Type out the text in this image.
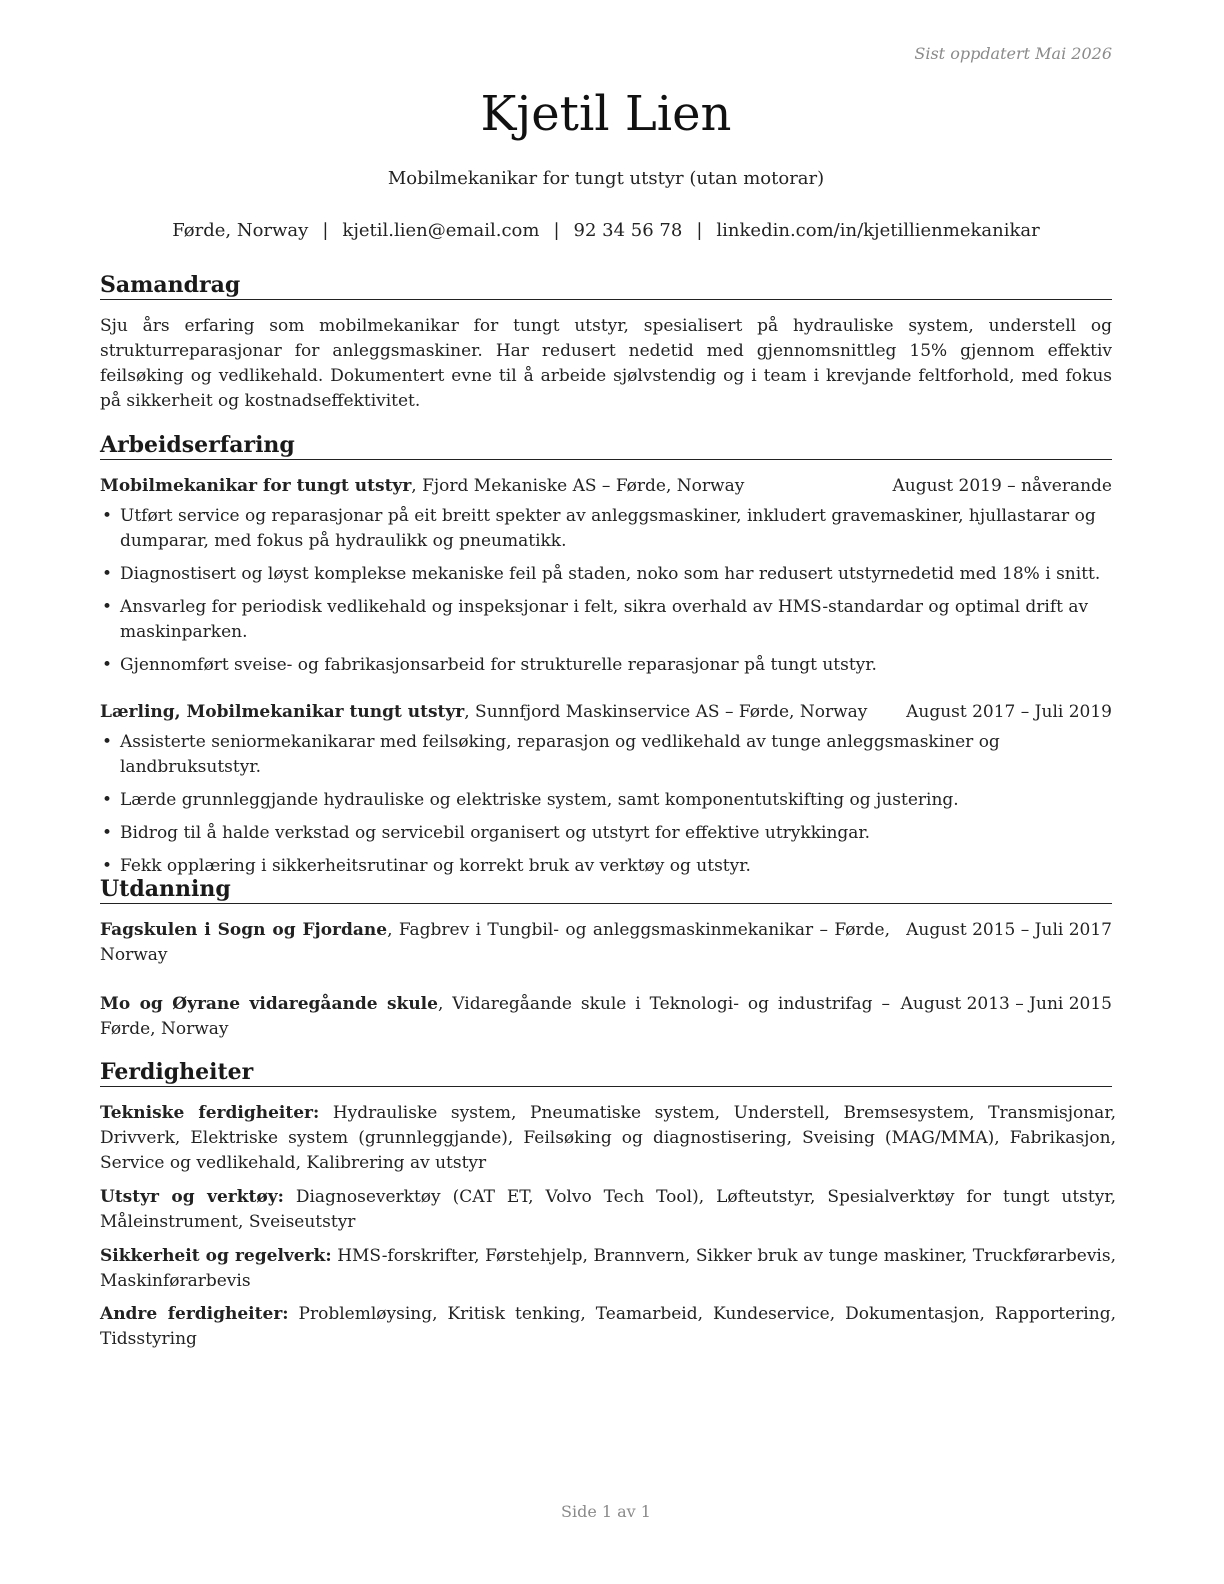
Sist oppdatert Mai 2026
Kjetil Lien
Mobilmekanikar for tungt utstyr (utan motorar)
Førde, Norway | kjetil.lien@email.com | 92 34 56 78 | linkedin.com/in/kjetillienmekanikar
Samandrag
Sju års erfaring som mobilmekanikar for tungt utstyr, spesialisert på hydrauliske system, understell og strukturreparasjonar for anleggsmaskiner. Har redusert nedetid med gjennomsnittleg 15% gjennom effektiv feilsøking og vedlikehald. Dokumentert evne til å arbeide sjølvstendig og i team i krevjande feltforhold, med fokus på sikkerheit og kostnadseffektivitet.
Arbeidserfaring
Mobilmekanikar for tungt utstyr, Fjord Mekaniske AS – Førde, Norway	August 2019 – nåverande
• Utført service og reparasjonar på eit breitt spekter av anleggsmaskiner, inkludert gravemaskiner, hjullastarar og dumparar, med fokus på hydraulikk og pneumatikk.
• Diagnostisert og løyst komplekse mekaniske feil på staden, noko som har redusert utstyrnedetid med 18% i snitt.
• Ansvarleg for periodisk vedlikehald og inspeksjonar i felt, sikra overhald av HMS-standardar og optimal drift av maskinparken.
• Gjennomført sveise- og fabrikasjonsarbeid for strukturelle reparasjonar på tungt utstyr.
Lærling, Mobilmekanikar tungt utstyr, Sunnfjord Maskinservice AS – Førde, Norway August 2017 – Juli 2019
• Assisterte seniormekanikarar med feilsøking, reparasjon og vedlikehald av tunge anleggsmaskiner og landbruksutstyr.
• Lærde grunnleggjande hydrauliske og elektriske system, samt komponentutskifting og justering.
• Bidrog til å halde verkstad og servicebil organisert og utstyrt for effektive utrykkingar.
• Fekk opplæring i sikkerheitsrutinar og korrekt bruk av verktøy og utstyr.
Utdanning
Fagskulen i Sogn og Fjordane, Fagbrev i Tungbil- og anleggsmaskinmekanikar – Førde, Norway
August 2015 – Juli 2017
Mo og Øyrane vidaregåande skule, Vidaregåande skule i Teknologi- og industrifag – Førde, Norway
August 2013 – Juni 2015
Ferdigheiter
Tekniske ferdigheiter: Hydrauliske system, Pneumatiske system, Understell, Bremsesystem, Transmisjonar, Drivverk, Elektriske system (grunnleggjande), Feilsøking og diagnostisering, Sveising (MAG/MMA), Fabrikasjon, Service og vedlikehald, Kalibrering av utstyr
Utstyr og verktøy: Diagnoseverktøy (CAT ET, Volvo Tech Tool), Løfteutstyr, Spesialverktøy for tungt utstyr, Måleinstrument, Sveiseutstyr
Sikkerheit og regelverk: HMS-forskrifter, Førstehjelp, Brannvern, Sikker bruk av tunge maskiner, Truckførarbevis, Maskinførarbevis
Andre ferdigheiter: Problemløysing, Kritisk tenking, Teamarbeid, Kundeservice, Dokumentasjon, Rapportering, Tidsstyring
Side 1 av 1
